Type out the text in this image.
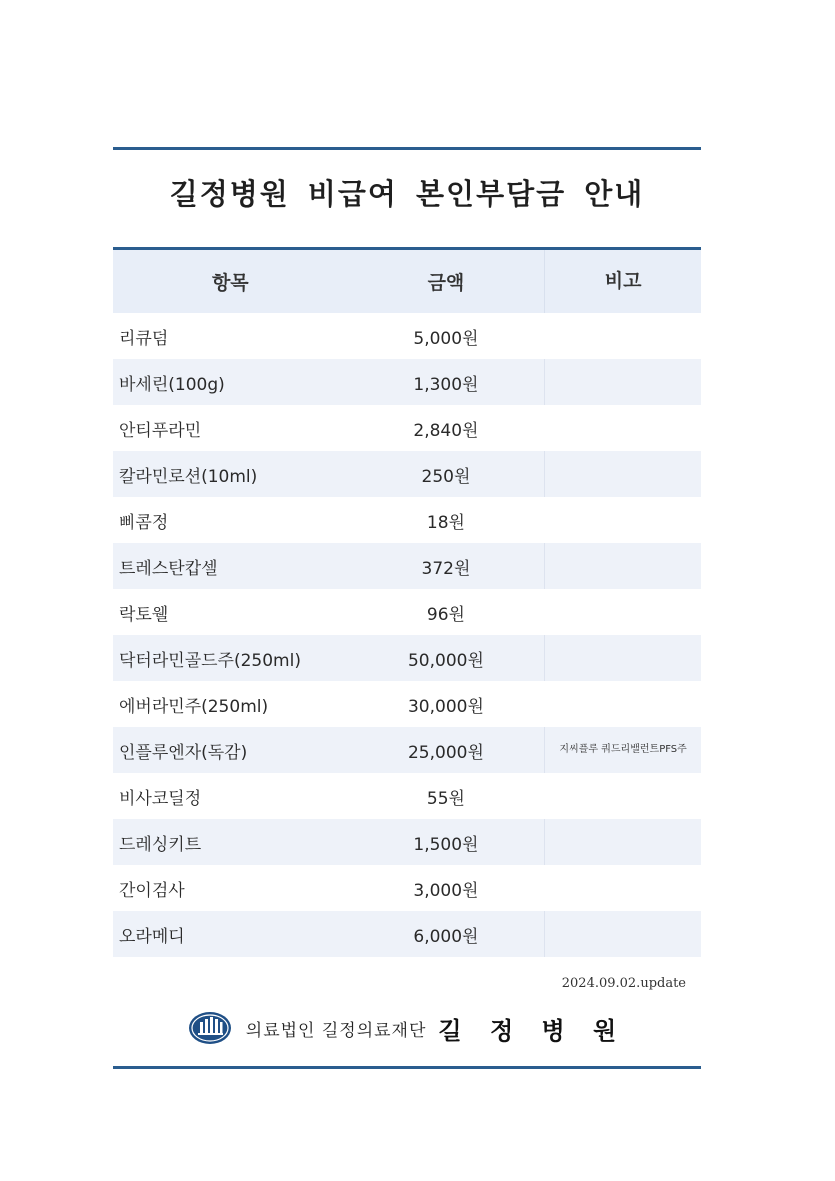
길정병원 비급여 본인부담금 안내
항목	금액	비고
리큐덤	5,000원
바세린(100g)	1,300원
안티푸라민	2,840원
칼라민로션(10ml)	250원
삐콤정	18원
트레스탄캅셀	372원
락토웰	96원
닥터라민골드주(250ml)	50,000원
에버라민주(250ml)	30,000원
인플루엔자(독감)	25,000원	지씨플루 쿼드리밸런트PFS주
비사코딜정	55원
드레싱키트	1,500원
간이검사	3,000원
오라메디	6,000원
2024.09.02.update
의료법인 길정의료재단 길 정 병 원
